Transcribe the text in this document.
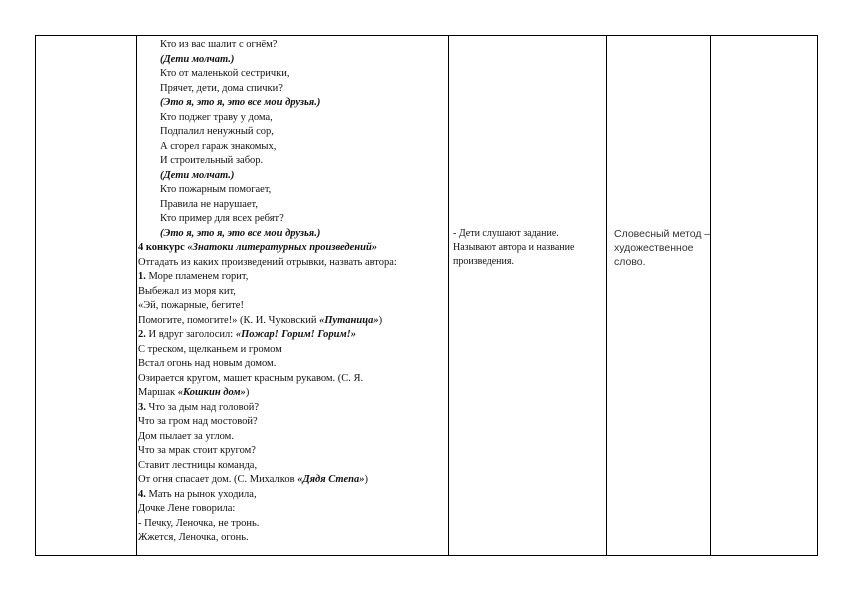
Кто из вас шалит с огнём?
(Дети молчат.)
Кто от маленькой сестрички,
Прячет, дети, дома спички?
(Это я, это я, это все мои друзья.)
Кто поджег траву у дома,
Подпалил ненужный сор,
А сгорел гараж знакомых,
И строительный забор.
(Дети молчат.)
Кто пожарным помогает,
Правила не нарушает,
Кто пример для всех ребят?
(Это я, это я, это все мои друзья.)
4 конкурс «Знатоки литературных произведений»
Отгадать из каких произведений отрывки, назвать автора:
1. Море пламенем горит,
Выбежал из моря кит,
«Эй, пожарные, бегите!
Помогите, помогите!» (К. И. Чуковский «Путаница»)
2. И вдруг заголосил: «Пожар! Горим! Горим!»
С треском, щелканьем и громом
Встал огонь над новым домом.
Озирается кругом, машет красным рукавом. (С. Я.
Маршак «Кошкин дом»)
3. Что за дым над головой?
Что за гром над мостовой?
Дом пылает за углом.
Что за мрак стоит кругом?
Ставит лестницы команда,
От огня спасает дом. (С. Михалков «Дядя Степа»)
4. Мать на рынок уходила,
Дочке Лене говорила:
- Печку, Леночка, не тронь.
Жжется, Леночка, огонь.
- Дети слушают задание. Называют автора и название произведения.
Словесный метод – художественное слово.
